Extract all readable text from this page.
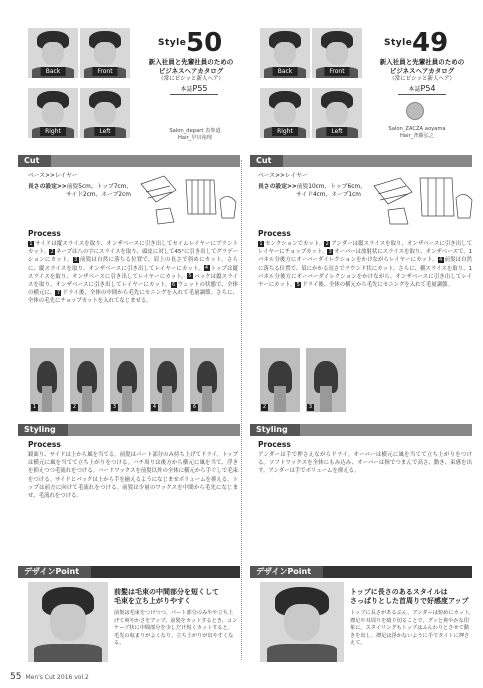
Back	Front
Right	Left
Style 50
新入社員と先輩社員のための
ビジネスヘアカタログ
（常にピシッと新人ヘア）
本誌P55
Salon_depart 表参道
Hair_早川裕理
Cut
ベース>>レイヤー
長さの設定>>前髪5cm、トップ7cm、
サイド2cm、ネープ2cm
Process
1 サイドは縦スライスを取り、オンザベースに引き出してセイムレイヤーにブラントカット。2 ネープは八の字にスライスを取り、頭皮に対して45°に引き出してグラデーションにカット。3 前髪は自然に落ちる位置で、眉上の長さで斜めにカット。さらに、縦スライスを取り、オンザベースに引き出してレイヤーにカット。4 トップは縦スライスを取り、オンザベースに引き出してレイヤーにカット。5 バックは縦スライスを取り、オンザベースに引き出してレイヤーにカット。6 ウェットの状態で、全体の横元に、7 ドライ後、全体の中間から毛先にセニングを入れて毛量調節。さらに、全体の毛先にチョップカットを入れてなじませる。
1	2	3	4	6
Styling
Process
鏡面り、サイドは上から風を当てる。前髪はパート部分のみ持ち上げてドライ。トップは横元に風を当てて立ち上がりをつける。ハチ周りは後方から横元に風を当て、浮きを抑えつつ毛流れをつける。ハードワックスを前髪以外の全体に横元から手ぐしで毛束をつける。サイドとバックは上から手を揃えるようになじませボリュームを抑える。トップは前方に向けて毛流れをつける。前髪は少量のワックスを中間から毛先になじませ、毛流れをつける。
デザインPoint
前髪は毛束の中間部分を短くして
毛束を立ち上がりやすく
前髪は毛束をつけつつ、パート部分のみやや立ち上げて爽やかさをアップ。前髪をカットするとき、コンケーブ状に中間部分を少しだけ短くカットすると、毛先の収まりがよくなり、立ち上がりが出やすくなる。
Back	Front
Right	Left
Style 49
新入社員と先輩社員のための
ビジネスヘアカタログ
（常にピシッと新人ヘア）
本誌P54
Salon_ZACZA aoyama
Hair_斉藤弘之
Cut
ベース>>レイヤー
長さの設定>>前髪10cm、トップ6cm、
サイド4cm、ネープ1cm
Process
1 センクションでカット。2 アンダーは縦スライスを取り、オンザベースに引き出してレイヤーにチョップカット。3 オーバーは放射状にスライスを取り、オンザベースで、1パネル分後方にオーバーダイレクションをかけながらレイヤーにカット。4 前髪は自然に落ちる位置で、眉にかかる長さでラウンド状にカット。さらに、横スライスを取り、1パネル分後方にオーバーダイレクションをかけながら、オンザベースに引き出してレイヤーにカット。5 ドライ後、全体の横元から毛先にセニングを入れて毛量調節。
2	3
Styling
Process
アンダーは手で押さえながらドライ。オーバーは横元に風を当てて立ち上がりをつける。ソフトワックスを全体にもみ込み、オーバーは指でつまんで高さ、動き、束感を出す。アンダーは手でボリュームを抑える。
デザインPoint
トップに長さのあるスタイルは
さっぱりとした首周りで好感度アップ
トップに長さがあるぶん、アンダーは短めにカット。襟足や耳周りを綺り切ることで、グッと爽やかな印象に。スタイリングもトップはふんわりとさせて動きを出し、襟足は浮かないように手でタイトに押さえて。
55 Men's Cut 2016 vol.2
